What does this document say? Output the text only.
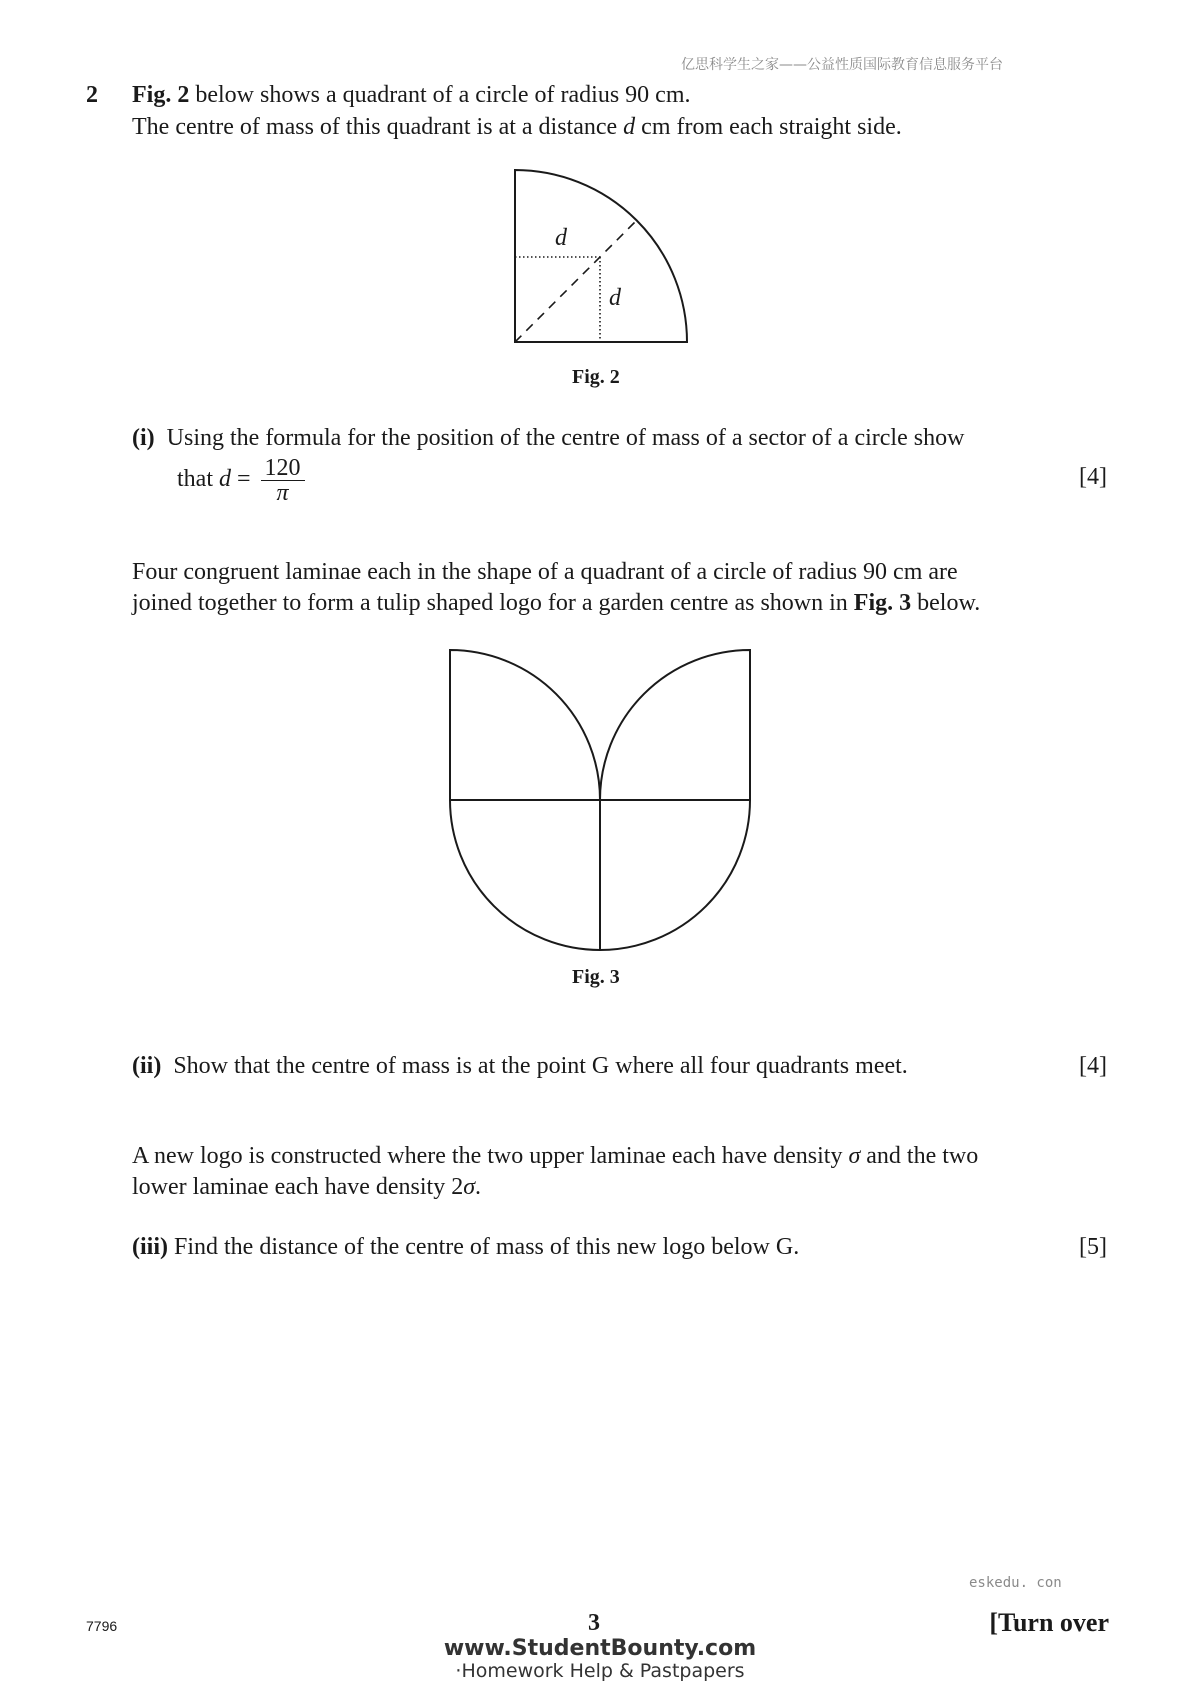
亿思科学生之家——公益性质国际教育信息服务平台
2 Fig. 2 below shows a quadrant of a circle of radius 90 cm.
The centre of mass of this quadrant is at a distance d cm from each straight side.
d
d
Fig. 2
(i) Using the formula for the position of the centre of mass of a sector of a circle show
that $d = \frac{120}{\pi}$	[4]
Four congruent laminae each in the shape of a quadrant of a circle of radius 90 cm are
joined together to form a tulip shaped logo for a garden centre as shown in Fig. 3 below.
Fig. 3
(ii) Show that the centre of mass is at the point G where all four quadrants meet.	[4]
A new logo is constructed where the two upper laminae each have density σ and the two
lower laminae each have density 2σ.
(iii) Find the distance of the centre of mass of this new logo below G.	[5]
eskedu. con
7796	3	[Turn over
www.StudentBounty.com
·Homework Help & Pastpapers
